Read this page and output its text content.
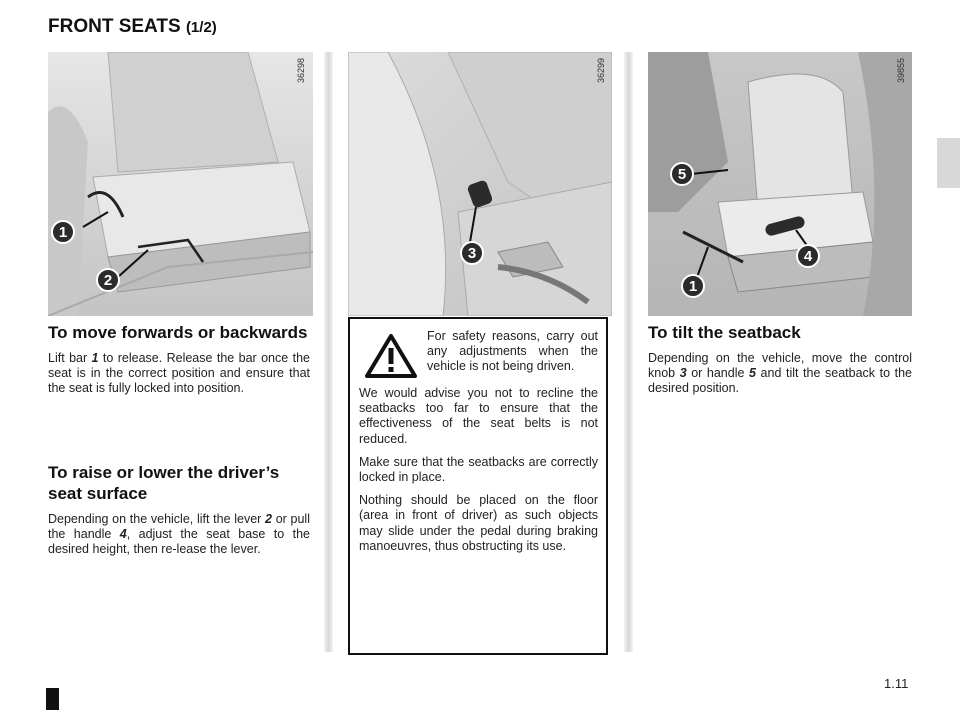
FRONT SEATS (1/2)
36298
1
2
36299
3
39855
5
4
1
To move forwards or backwards

Lift bar 1 to release. Release the bar once the seat is in the correct position and ensure that the seat is fully locked into position.

To raise or lower the driver’s seat surface

Depending on the vehicle, lift the lever 2 or pull the handle 4, adjust the seat base to the desired height, then re-lease the lever.

For safety reasons, carry out any adjustments when the vehicle is not being driven.

We would advise you not to recline the seatbacks too far to ensure that the effectiveness of the seat belts is not reduced.

Make sure that the seatbacks are correctly locked in place.

Nothing should be placed on the floor (area in front of driver) as such objects may slide under the pedal during braking manoeuvres, thus obstructing its use.

To tilt the seatback

Depending on the vehicle, move the control knob 3 or handle 5 and tilt the seatback to the desired position.

1.11
